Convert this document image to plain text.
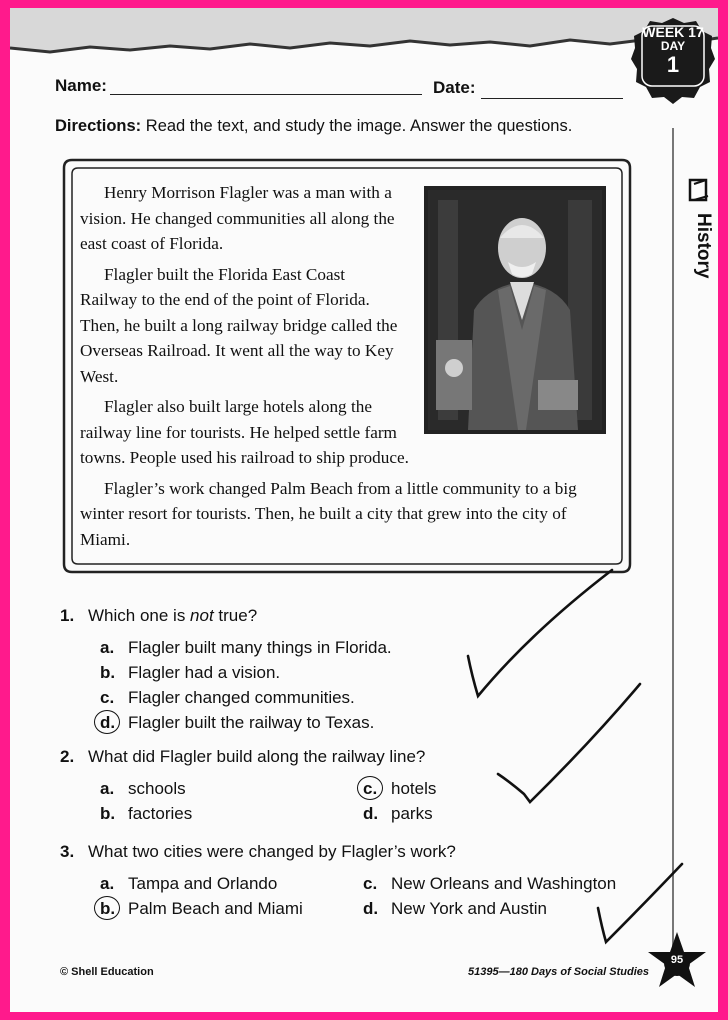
WEEK 17
DAY
1
History
Name:	Date:
Directions: Read the text, and study the image. Answer the questions.

Henry Morrison Flagler was a man with a vision. He changed communities all along the east coast of Florida.

Flagler built the Florida East Coast Railway to the end of the point of Florida. Then, he built a long railway bridge called the Overseas Railroad. It went all the way to Key West.

Flagler also built large hotels along the railway line for tourists. He helped settle farm towns. People used his railroad to ship produce.

Flagler’s work changed Palm Beach from a little community to a big winter resort for tourists. Then, he built a city that grew into the city of Miami.

1. Which one is not true?
a. Flagler built many things in Florida.
b. Flagler had a vision.
c. Flagler changed communities.
d. Flagler built the railway to Texas.
2. What did Flagler build along the railway line?
a. schools
b. factories
c. hotels
d. parks
3. What two cities were changed by Flagler’s work?
a. Tampa and Orlando
b. Palm Beach and Miami
c. New Orleans and Washington
d. New York and Austin
© Shell Education	51395—180 Days of Social Studies
95
